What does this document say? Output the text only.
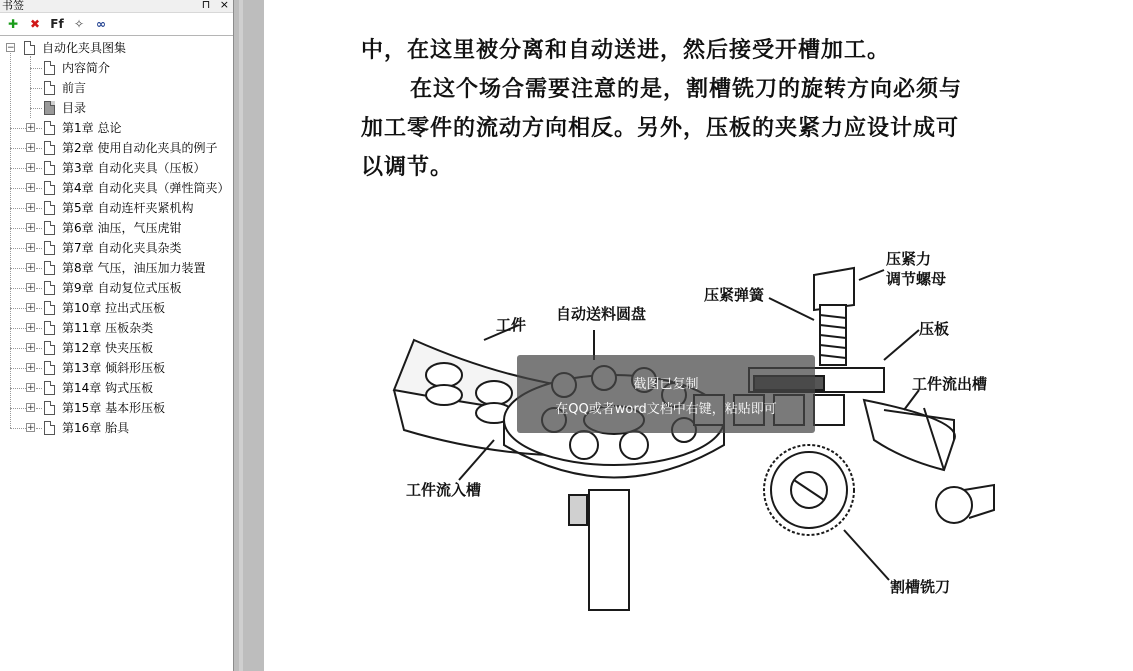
书签	⊓ ×
✚ ✖ Ff ✧ ∞
− 自动化夹具图集
内容简介
前言
目录
+ 第1章 总论
+ 第2章 使用自动化夹具的例子
+ 第3章 自动化夹具（压板）
+ 第4章 自动化夹具（弹性筒夹）
+ 第5章 自动连杆夹紧机构
+ 第6章 油压，气压虎钳
+ 第7章 自动化夹具杂类
+ 第8章 气压，油压加力装置
+ 第9章 自动复位式压板
+ 第10章 拉出式压板
+ 第11章 压板杂类
+ 第12章 快夹压板
+ 第13章 倾斜形压板
+ 第14章 钩式压板
+ 第15章 基本形压板
+ 第16章 胎具
中，在这里被分离和自动送进，然后接受开槽加工。
在这个场合需要注意的是，割槽铣刀的旋转方向必须与
加工零件的流动方向相反。另外，压板的夹紧力应设计成可
以调节。
压紧力
调节螺母
压紧弹簧
工件
自动送料圆盘
压板
工件流出槽
工件流入槽
割槽铣刀
截图已复制
在QQ或者word文档中右键，粘贴即可
